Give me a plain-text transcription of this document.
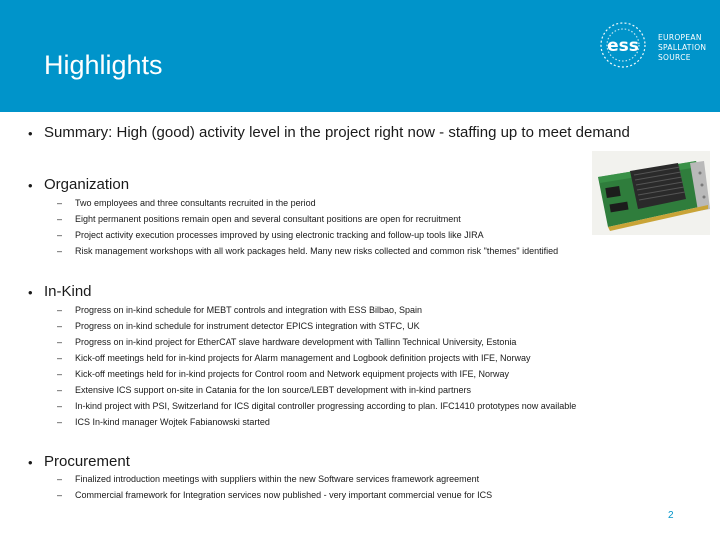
Highlights
ess	EUROPEAN
SPALLATION
SOURCE
• Summary: High (good) activity level in the project right now - staffing up to meet demand
• Organization
– Two employees and three consultants recruited in the period
– Eight permanent positions remain open and several consultant positions are open for recruitment
– Project activity execution processes improved by using electronic tracking and follow-up tools like JIRA
– Risk management workshops with all work packages held. Many new risks collected and common risk "themes" identified
• In-Kind
– Progress on in-kind schedule for MEBT controls and integration with ESS Bilbao, Spain
– Progress on in-kind schedule for instrument detector EPICS integration with STFC, UK
– Progress on in-kind project for EtherCAT slave hardware development with Tallinn Technical University, Estonia
– Kick-off meetings held for in-kind projects for Alarm management and Logbook definition projects with IFE, Norway
– Kick-off meetings held for in-kind projects for Control room and Network equipment projects with IFE, Norway
– Extensive ICS support on-site in Catania for the Ion source/LEBT development with in-kind partners
– In-kind project with PSI, Switzerland for ICS digital controller progressing according to plan. IFC1410 prototypes now available
– ICS In-kind manager Wojtek Fabianowski started
• Procurement
– Finalized introduction meetings with suppliers within the new Software services framework agreement
– Commercial framework for Integration services now published - very important commercial venue for ICS
2
